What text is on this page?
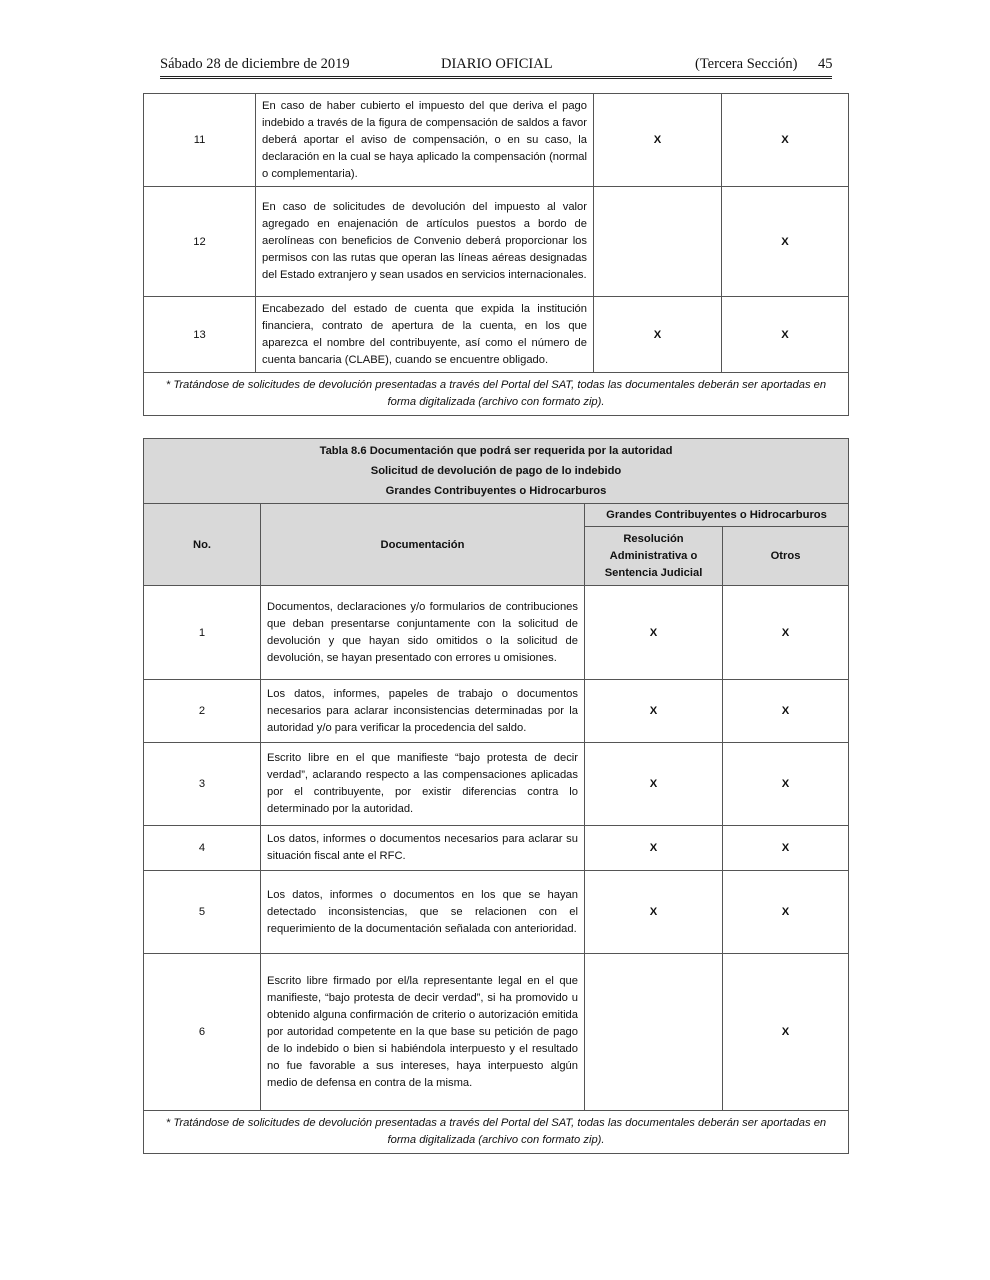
Sábado 28 de diciembre de 2019	DIARIO OFICIAL	(Tercera Sección) 45
11	En caso de haber cubierto el impuesto del que deriva el pago indebido a través de la figura de compensación de saldos a favor deberá aportar el aviso de compensación, o en su caso, la declaración en la cual se haya aplicado la compensación (normal o complementaria).	X	X
12	En caso de solicitudes de devolución del impuesto al valor agregado en enajenación de artículos puestos a bordo de aerolíneas con beneficios de Convenio deberá proporcionar los permisos con las rutas que operan las líneas aéreas designadas del Estado extranjero y sean usados en servicios internacionales.		X
13	Encabezado del estado de cuenta que expida la institución financiera, contrato de apertura de la cuenta, en los que aparezca el nombre del contribuyente, así como el número de cuenta bancaria (CLABE), cuando se encuentre obligado.	X	X
* Tratándose de solicitudes de devolución presentadas a través del Portal del SAT, todas las documentales deberán ser aportadas en forma digitalizada (archivo con formato zip).			
Tabla 8.6 Documentación que podrá ser requerida por la autoridad
Solicitud de devolución de pago de lo indebido
Grandes Contribuyentes o Hidrocarburos			

No.	Documentación	Grandes Contribuyentes o Hidrocarburos	
		Resolución Administrativa o Sentencia Judicial	Otros
1	Documentos, declaraciones y/o formularios de contribuciones que deban presentarse conjuntamente con la solicitud de devolución y que hayan sido omitidos o la solicitud de devolución, se hayan presentado con errores u omisiones.	X	X
2	Los datos, informes, papeles de trabajo o documentos necesarios para aclarar inconsistencias determinadas por la autoridad y/o para verificar la procedencia del saldo.	X	X
3	Escrito libre en el que manifieste “bajo protesta de decir verdad”, aclarando respecto a las compensaciones aplicadas por el contribuyente, por existir diferencias contra lo determinado por la autoridad.	X	X
4	Los datos, informes o documentos necesarios para aclarar su situación fiscal ante el RFC.	X	X
5	Los datos, informes o documentos en los que se hayan detectado inconsistencias, que se relacionen con el requerimiento de la documentación señalada con anterioridad.	X	X
6	Escrito libre firmado por el/la representante legal en el que manifieste, “bajo protesta de decir verdad”, si ha promovido u obtenido alguna confirmación de criterio o autorización emitida por autoridad competente en la que base su petición de pago de lo indebido o bien si habiéndola interpuesto y el resultado no fue favorable a sus intereses, haya interpuesto algún medio de defensa en contra de la misma.		X
* Tratándose de solicitudes de devolución presentadas a través del Portal del SAT, todas las documentales deberán ser aportadas en forma digitalizada (archivo con formato zip).			
